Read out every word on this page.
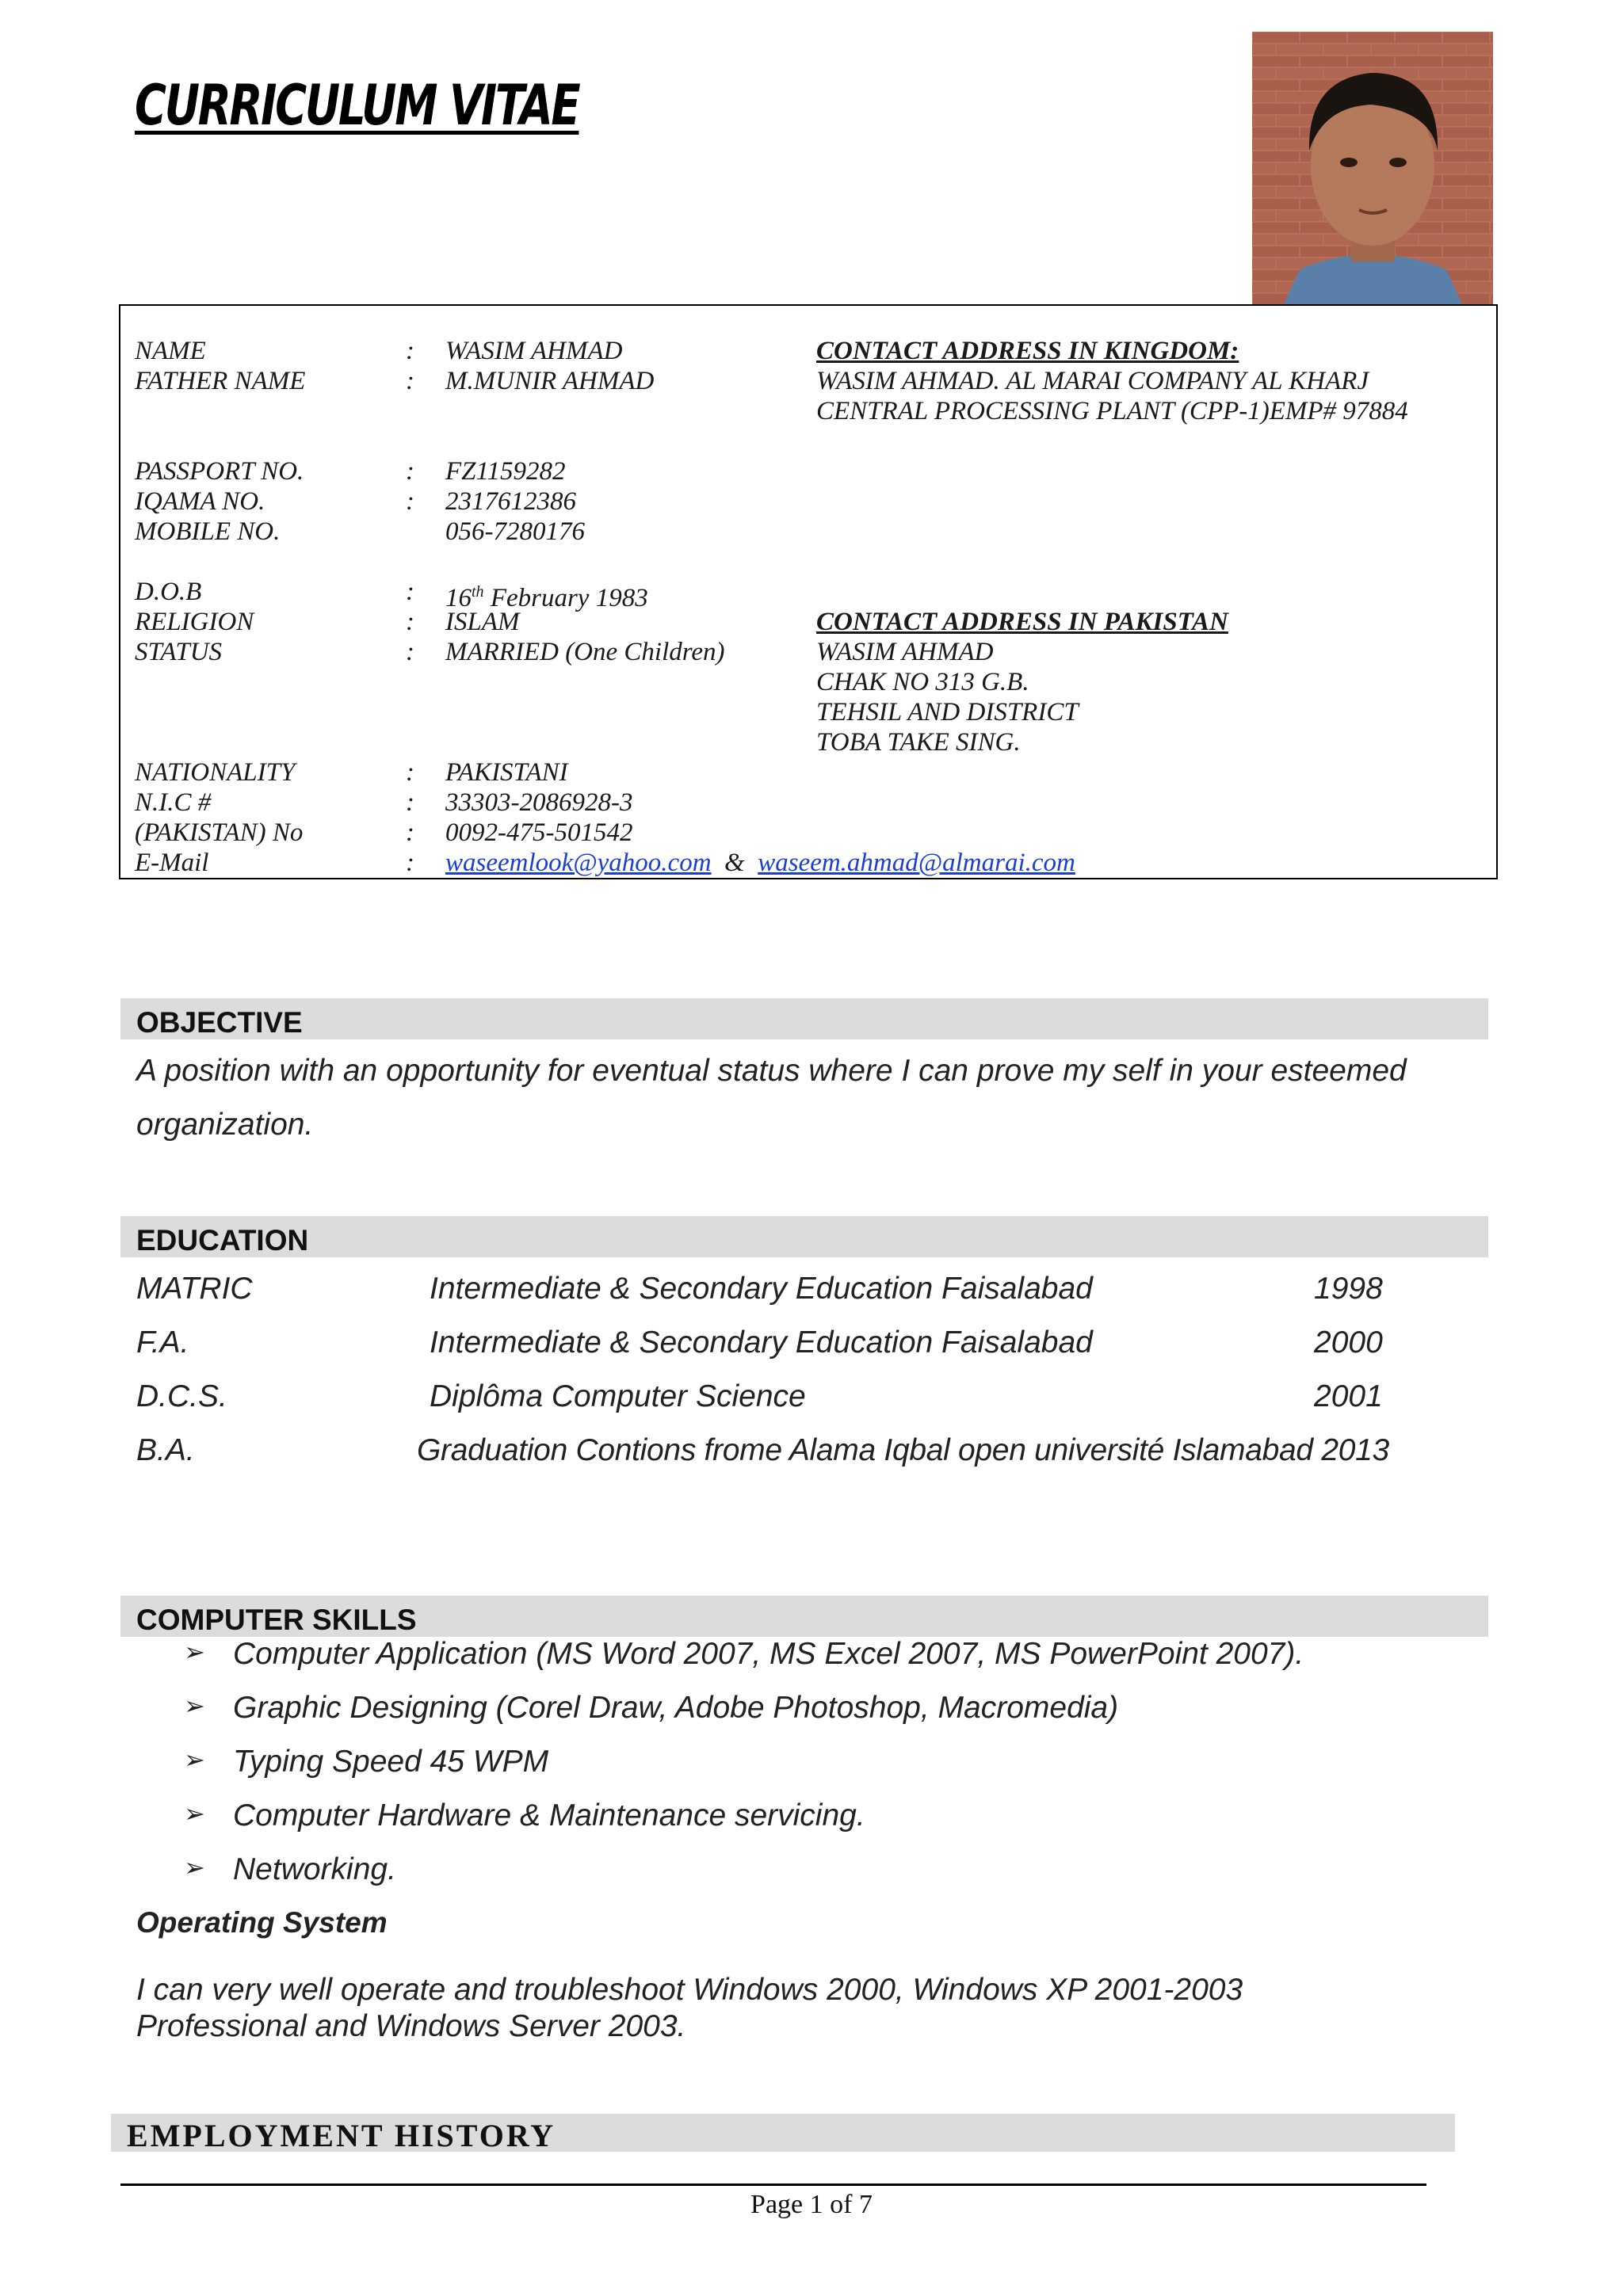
CURRICULUM VITAE
NAME	: WASIM AHMAD
FATHER NAME	: M.MUNIR AHMAD
PASSPORT NO.	: FZ1159282
IQAMA NO.	: 2317612386
MOBILE NO.	056-7280176
D.O.B	: 16th February 1983
RELIGION	: ISLAM
STATUS	: MARRIED (One Children)
NATIONALITY	: PAKISTANI
N.I.C #	: 33303-2086928-3
(PAKISTAN) No	: 0092-475-501542
E-Mail	: waseemlook@yahoo.com & waseem.ahmad@almarai.com
CONTACT ADDRESS IN KINGDOM:
WASIM AHMAD. AL MARAI COMPANY AL KHARJ
CENTRAL PROCESSING PLANT (CPP-1)EMP# 97884
CONTACT ADDRESS IN PAKISTAN
WASIM AHMAD
CHAK NO 313 G.B.
TEHSIL AND DISTRICT
TOBA TAKE SING.
OBJECTIVE
A position with an opportunity for eventual status where I can prove my self in your esteemed
organization.
EDUCATION
MATRIC	Intermediate & Secondary Education Faisalabad	1998
F.A.	Intermediate & Secondary Education Faisalabad	2000
D.C.S.	Diplôma Computer Science	2001
B.A.	Graduation Contions frome Alama Iqbal open université Islamabad 2013
COMPUTER SKILLS
➢ Computer Application (MS Word 2007, MS Excel 2007, MS PowerPoint 2007).
➢ Graphic Designing (Corel Draw, Adobe Photoshop, Macromedia)
➢ Typing Speed 45 WPM
➢ Computer Hardware & Maintenance servicing.
➢ Networking.
Operating System
I can very well operate and troubleshoot Windows 2000, Windows XP 2001-2003
Professional and Windows Server 2003.
EMPLOYMENT HISTORY
Page 1 of 7
